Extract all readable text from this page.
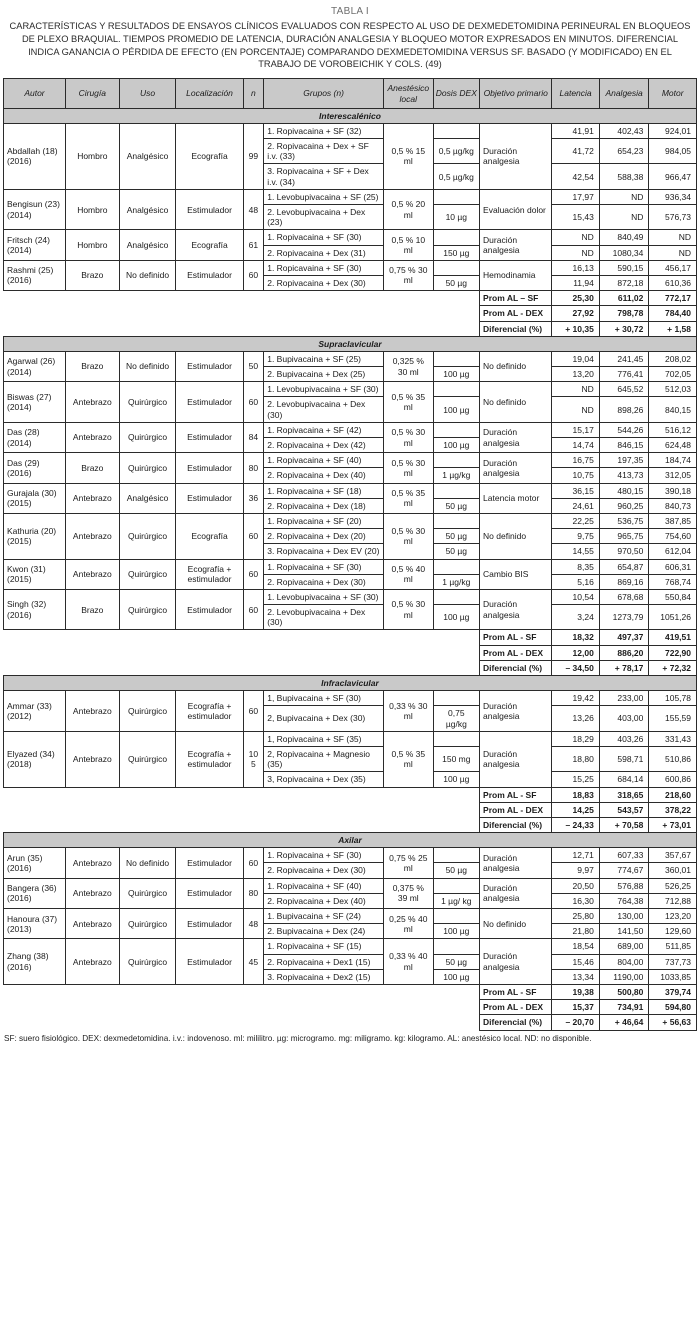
TABLA I
CARACTERÍSTICAS Y RESULTADOS DE ENSAYOS CLÍNICOS EVALUADOS CON RESPECTO AL USO DE DEXMEDETOMIDINA PERINEURAL EN BLOQUEOS DE PLEXO BRAQUIAL. TIEMPOS PROMEDIO DE LATENCIA, DURACIÓN ANALGESIA Y BLOQUEO MOTOR EXPRESADOS EN MINUTOS. DIFERENCIAL INDICA GANANCIA O PÉRDIDA DE EFECTO (EN PORCENTAJE) COMPARANDO DEXMEDETOMIDINA VERSUS SF. BASADO (Y MODIFICADO) EN EL TRABAJO DE VOROBEICHIK Y COLS. (49)
Autor	Cirugía	Uso	Localización	n	Grupos (n)	Anestésico local	Dosis DEX	Objetivo primario	Latencia	Analgesia	Motor
Interescalénico											
Abdallah (18) (2016)	Hombro	Analgésico	Ecografía	99	1. Ropivacaina + SF (32)	0,5 % 15 ml		Duración analgesia	41,91	402,43	924,01
					2. Ropivacaina + Dex + SF i.v. (33)		0,5 µg/kg		41,72	654,23	984,05
					3. Ropivacaina + SF + Dex i.v. (34)		0,5 µg/kg		42,54	588,38	966,47
Bengisun (23) (2014)	Hombro	Analgésico	Estimulador	48	1. Levobupivacaina + SF (25)	0,5 % 20 ml		Evaluación dolor	17,97	ND	936,34
					2. Levobupivacaina + Dex (23)		10 µg		15,43	ND	576,73
Fritsch (24) (2014)	Hombro	Analgésico	Ecografía	61	1. Ropivacaina + SF (30)	0,5 % 10 ml		Duración analgesia	ND	840,49	ND
					2. Ropivacaina + Dex (31)		150 µg		ND	1080,34	ND
Rashmi (25) (2016)	Brazo	No definido	Estimulador	60	1. Ropicavaina + SF (30)	0,75 % 30 ml		Hemodinamia	16,13	590,15	456,17
					2. Ropivacaina + Dex (30)		50 µg		11,94	872,18	610,36
								Prom AL – SF	25,30	611,02	772,17
								Prom AL - DEX	27,92	798,78	784,40
								Diferencial (%)	+ 10,35	+ 30,72	+ 1,58
Supraclavicular											
Agarwal (26) (2014)	Brazo	No definido	Estimulador	50	1. Bupivacaina + SF (25)	0,325 % 30 ml		No definido	19,04	241,45	208,02
					2. Bupivacaina + Dex (25)		100 µg		13,20	776,41	702,05
Biswas (27) (2014)	Antebrazo	Quirúrgico	Estimulador	60	1. Levobupivacaina + SF (30)	0,5 % 35 ml		No definido	ND	645,52	512,03
					2. Levobupivacaina + Dex (30)		100 µg		ND	898,26	840,15
Das (28) (2014)	Antebrazo	Quirúrgico	Estimulador	84	1. Ropivacaina + SF (42)	0,5 % 30 ml		Duración analgesia	15,17	544,26	516,12
					2. Ropivacaina + Dex (42)		100 µg		14,74	846,15	624,48
Das (29) (2016)	Brazo	Quirúrgico	Estimulador	80	1. Ropivacaina + SF (40)	0,5 % 30 ml		Duración analgesia	16,75	197,35	184,74
					2. Ropivacaina + Dex (40)		1 µg/kg		10,75	413,73	312,05
Gurajala (30) (2015)	Antebrazo	Analgésico	Estimulador	36	1. Ropivacaina + SF (18)	0,5 % 35 ml		Latencia motor	36,15	480,15	390,18
					2. Ropivacaina + Dex (18)		50 µg		24,61	960,25	840,73
Kathuria (20) (2015)	Antebrazo	Quirúrgico	Ecografía	60	1. Ropivacaina + SF (20)	0,5 % 30 ml		No definido	22,25	536,75	387,85
					2. Ropivacaina + Dex (20)		50 µg		9,75	965,75	754,60
					3. Ropivacaina + Dex EV (20)		50 µg		14,55	970,50	612,04
Kwon (31) (2015)	Antebrazo	Quirúrgico	Ecografía + estimulador	60	1. Ropivacaina + SF (30)	0,5 % 40 ml		Cambio BIS	8,35	654,87	606,31
					2. Ropivacaina + Dex (30)		1 µg/kg		5,16	869,16	768,74
Singh (32) (2016)	Brazo	Quirúrgico	Estimulador	60	1. Levobupivacaina + SF (30)	0,5 % 30 ml		Duración analgesia	10,54	678,68	550,84
					2. Levobupivacaina + Dex (30)		100 µg		3,24	1273,79	1051,26
								Prom AL - SF	18,32	497,37	419,51
								Prom AL - DEX	12,00	886,20	722,90
								Diferencial (%)	– 34,50	+ 78,17	+ 72,32
Infraclavicular											
Ammar (33) (2012)	Antebrazo	Quirúrgico	Ecografía + estimulador	60	1, Bupivacaina + SF (30)	0,33 % 30 ml		Duración analgesia	19,42	233,00	105,78
					2, Bupivacaina + Dex (30)		0,75 µg/kg		13,26	403,00	155,59
Elyazed (34) (2018)	Antebrazo	Quirúrgico	Ecografía + estimulador	105	1, Ropivacaina + SF (35)	0,5 % 35 ml		Duración analgesia	18,29	403,26	331,43
					2, Ropivacaina + Magnesio (35)		150 mg		18,80	598,71	510,86
					3, Ropivacaina + Dex (35)		100 µg		15,25	684,14	600,86
								Prom AL - SF	18,83	318,65	218,60
								Prom AL - DEX	14,25	543,57	378,22
								Diferencial (%)	– 24,33	+ 70,58	+ 73,01
Axilar											
Arun (35) (2016)	Antebrazo	No definido	Estimulador	60	1. Ropivacaina + SF (30)	0,75 % 25 ml		Duración analgesia	12,71	607,33	357,67
					2. Ropivacaina + Dex (30)		50 µg		9,97	774,67	360,01
Bangera (36) (2016)	Antebrazo	Quirúrgico	Estimulador	80	1. Ropivacaina + SF (40)	0,375 % 39 ml		Duración analgesia	20,50	576,88	526,25
					2. Ropivacaina + Dex (40)		1 µg/ kg		16,30	764,38	712,88
Hanoura (37) (2013)	Antebrazo	Quirúrgico	Estimulador	48	1. Bupivacaina + SF (24)	0,25 % 40 ml		No definido	25,80	130,00	123,20
					2. Bupivacaina + Dex (24)		100 µg		21,80	141,50	129,60
Zhang (38) (2016)	Antebrazo	Quirúrgico	Estimulador	45	1. Ropivacaina + SF (15)	0,33 % 40 ml		Duración analgesia	18,54	689,00	511,85
					2. Ropivacaina + Dex1 (15)		50 µg		15,46	804,00	737,73
					3. Ropivacaina + Dex2 (15)		100 µg		13,34	1190,00	1033,85
								Prom AL - SF	19,38	500,80	379,74
								Prom AL - DEX	15,37	734,91	594,80
								Diferencial (%)	– 20,70	+ 46,64	+ 56,63
SF: suero fisiológico. DEX: dexmedetomidina. i.v.: indovenoso. ml: mililitro. µg: microgramo. mg: miligramo. kg: kilogramo. AL: anestésico local. ND: no disponible.
